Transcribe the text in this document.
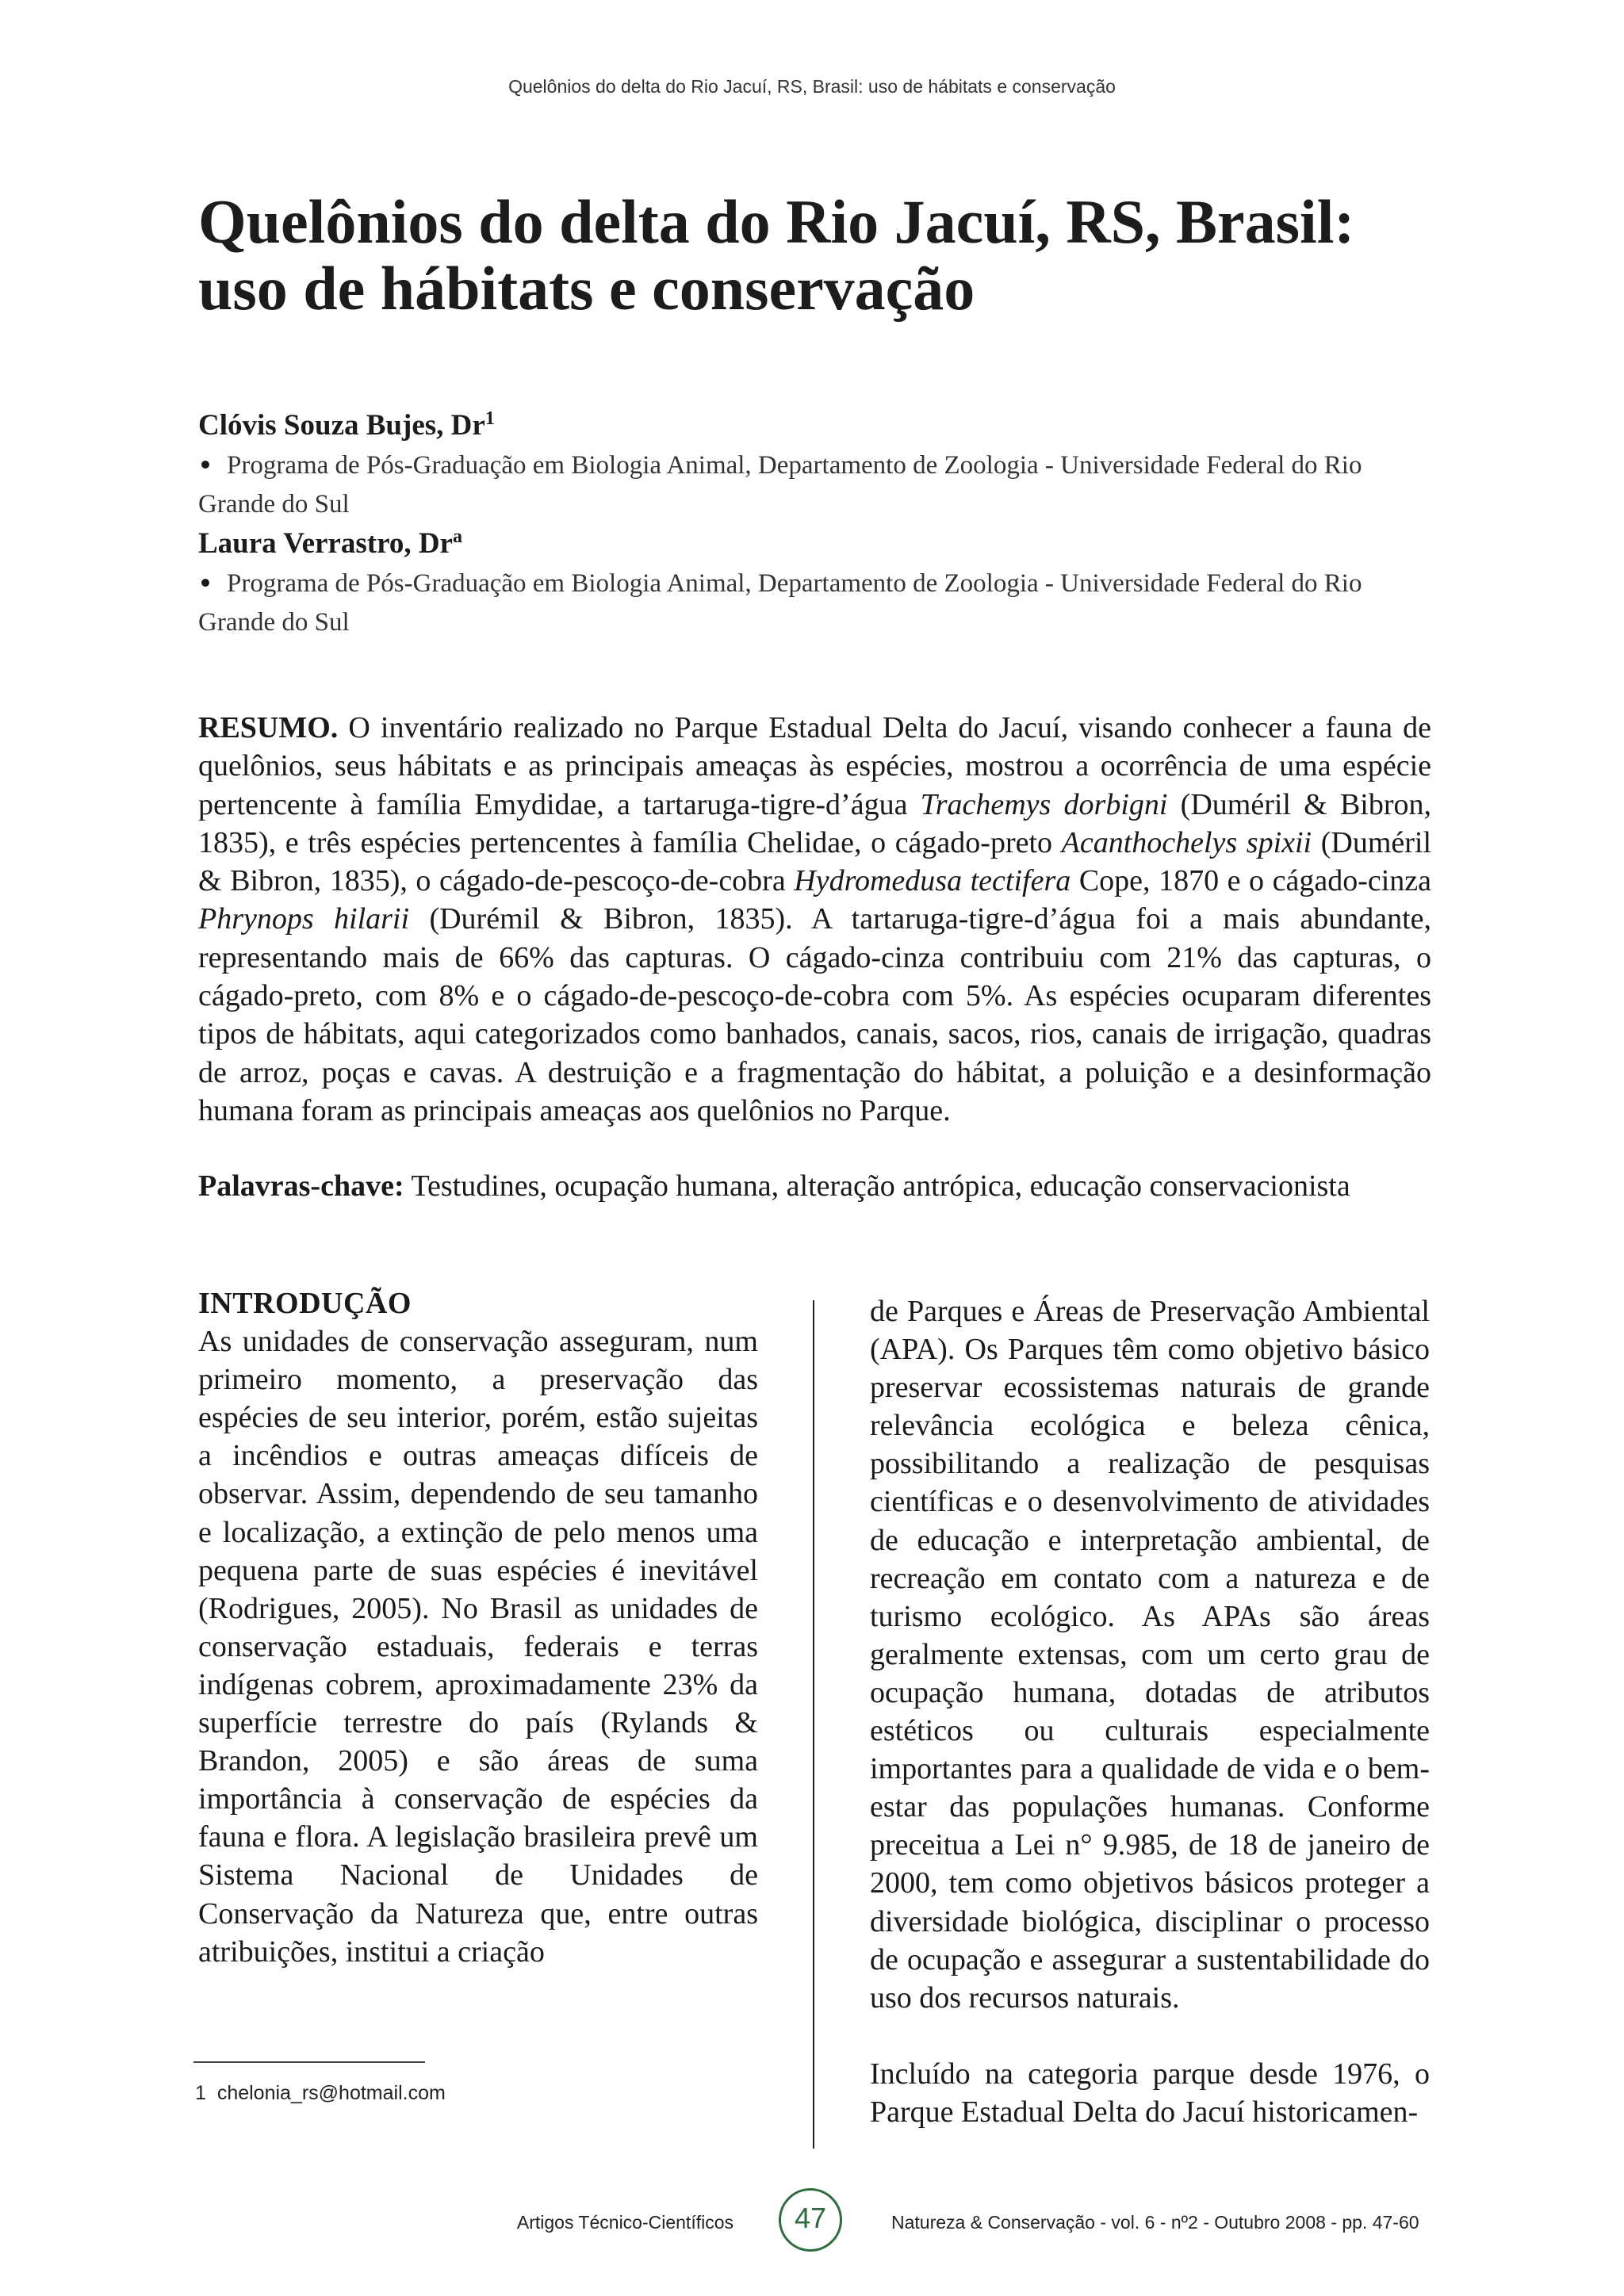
Quelônios do delta do Rio Jacuí, RS, Brasil: uso de hábitats e conservação
Quelônios do delta do Rio Jacuí, RS, Brasil:
uso de hábitats e conservação
Clóvis Souza Bujes, Dr$^1$
Programa de Pós-Graduação em Biologia Animal, Departamento de Zoologia - Universidade Federal do Rio
Grande do Sul
Laura Verrastro, Dr$^a$
Programa de Pós-Graduação em Biologia Animal, Departamento de Zoologia - Universidade Federal do Rio
Grande do Sul
RESUMO. O inventário realizado no Parque Estadual Delta do Jacuí, visando conhecer a fauna de quelônios, seus hábitats e as principais ameaças às espécies, mostrou a ocorrência de uma espécie pertencente à família Emydidae, a tartaruga-tigre-d’água Trachemys dorbigni (Duméril & Bibron, 1835), e três espécies pertencentes à família Chelidae, o cágado-preto Acanthochelys spixii (Duméril & Bibron, 1835), o cágado-de-pescoço-de-cobra Hydromedusa tectifera Cope, 1870 e o cágado-cinza Phrynops hilarii (Durémil & Bibron, 1835). A tartaruga-tigre-d’água foi a mais abundante, representando mais de 66% das capturas. O cágado-cinza contribuiu com 21% das capturas, o cágado-preto, com 8% e o cágado-de-pescoço-de-cobra com 5%. As espécies ocuparam diferentes tipos de hábitats, aqui categorizados como banhados, canais, sacos, rios, canais de irrigação, quadras de arroz, poças e cavas. A destruição e a fragmentação do hábitat, a poluição e a desinformação humana foram as principais ameaças aos quelônios no Parque.
Palavras-chave: Testudines, ocupação humana, alteração antrópica, educação conservacionista

INTRODUÇÃO

As unidades de conservação asseguram, num primeiro momento, a preservação das espécies de seu interior, porém, estão sujeitas a incêndios e outras ameaças difíceis de observar. Assim, dependendo de seu tamanho e localização, a extinção de pelo menos uma pequena parte de suas espécies é inevitável (Rodrigues, 2005). No Brasil as unidades de conservação estaduais, federais e terras indígenas cobrem, aproximadamente 23% da superfície terrestre do país (Rylands & Brandon, 2005) e são áreas de suma importância à conservação de espécies da fauna e flora. A legislação brasileira prevê um Sistema Nacional de Unidades de Conservação da Natureza que, entre outras atribuições, institui a criação

de Parques e Áreas de Preservação Ambiental (APA). Os Parques têm como objetivo básico preservar ecossistemas naturais de grande relevância ecológica e beleza cênica, possibilitando a realização de pesquisas científicas e o desenvolvimento de atividades de educação e interpretação ambiental, de recreação em contato com a natureza e de turismo ecológico. As APAs são áreas geralmente extensas, com um certo grau de ocupação humana, dotadas de atributos estéticos ou culturais especialmente importantes para a qualidade de vida e o bem-estar das populações humanas. Conforme preceitua a Lei n° 9.985, de 18 de janeiro de 2000, tem como objetivos básicos proteger a diversidade biológica, disciplinar o processo de ocupação e assegurar a sustentabilidade do uso dos recursos naturais.

Incluído na categoria parque desde 1976, o Parque Estadual Delta do Jacuí historicamen-

1 chelonia_rs@hotmail.com
Artigos Técnico-Científicos	47	Natureza & Conservação - vol. 6 - nº2 - Outubro 2008 - pp. 47-60
